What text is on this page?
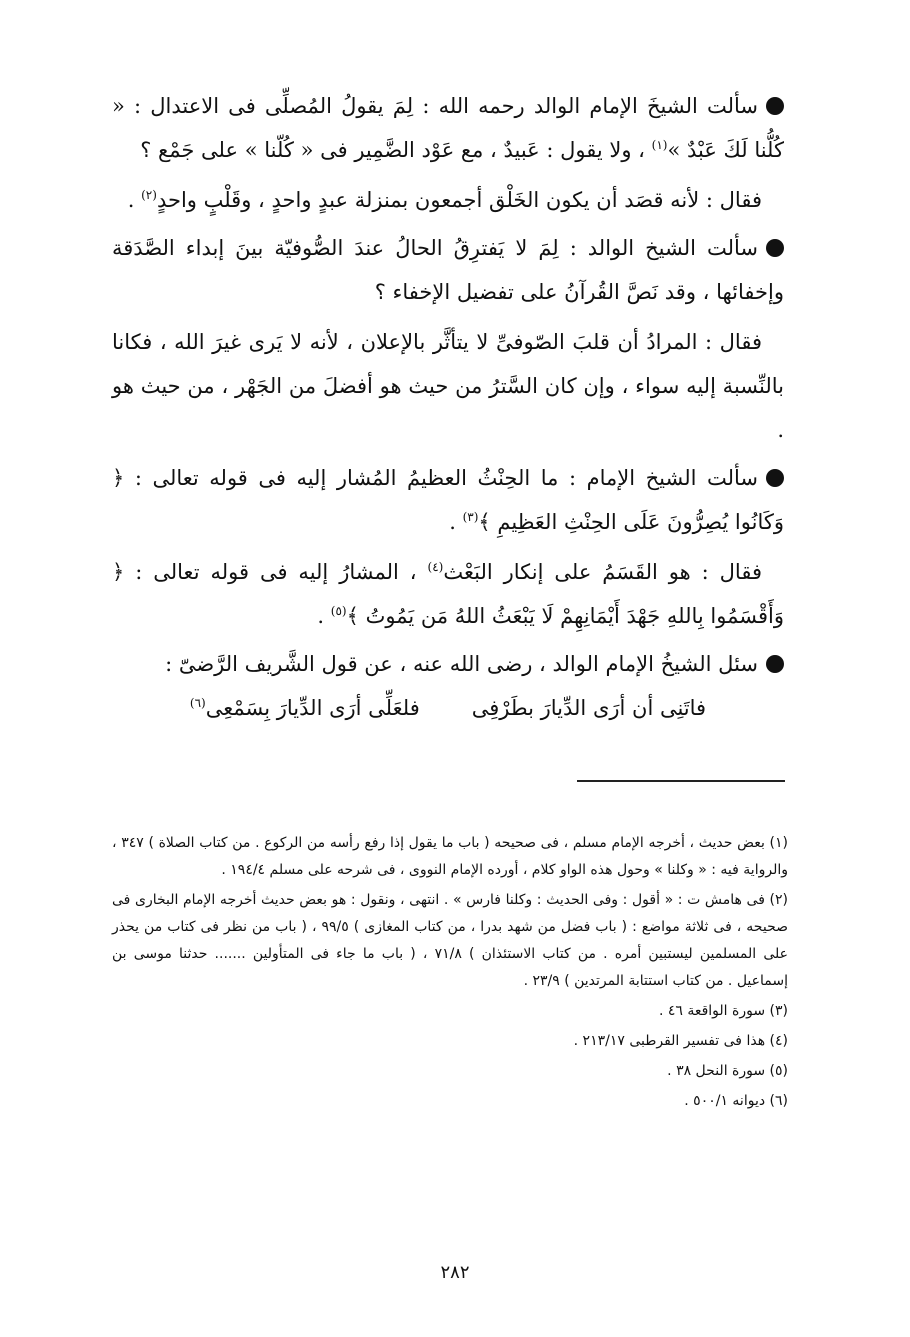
سألت الشيخَ الإمام الوالد رحمه الله : لِمَ يقولُ المُصلِّى فى الاعتدال : « كُلُّنا لَكَ عَبْدٌ »$^{(١)}$ ، ولا يقول : عَبيدٌ ، مع عَوْد الضَّمِير فى « كُلّنا » على جَمْع ؟

فقال : لأنه قصَد أن يكون الخَلْق أجمعون بمنزلة عبدٍ واحدٍ ، وقَلْبٍ واحدٍ$^{(٢)}$ .

سألت الشيخ الوالد : لِمَ لا يَفترِقُ الحالُ عندَ الصُّوفيّة بينَ إبداء الصَّدَقة وإخفائها ، وقد نَصَّ القُرآنُ على تفضيل الإخفاء ؟

فقال : المرادُ أن قلبَ الصّوفىِّ لا يتأثَّر بالإعلان ، لأنه لا يَرى غيرَ الله ، فكانا بالنِّسبة إليه سواء ، وإن كان السَّترُ من حيث هو أفضلَ من الجَهْر ، من حيث هو .

سألت الشيخ الإمام : ما الحِنْثُ العظيمُ المُشار إليه فى قوله تعالى : ﴿ وَكَانُوا يُصِرُّونَ عَلَى الحِنْثِ العَظِيمِ ﴾$^{(٣)}$ .

فقال : هو القَسَمُ على إنكار البَعْث$^{(٤)}$ ، المشارُ إليه فى قوله تعالى : ﴿ وَأَقْسَمُوا بِاللهِ جَهْدَ أَيْمَانِهِمْ لَا يَبْعَثُ اللهُ مَن يَمُوتُ ﴾$^{(٥)}$ .

سئل الشيخُ الإمام الوالد ، رضى الله عنه ، عن قول الشَّريف الرَّضىّ :

فاتَنِى أن أرَى الدِّيارَ بطَرْفِى
فلعَلِّى أرَى الدِّيارَ بِسَمْعِى$^{(٦)}$

(١) بعض حديث ، أخرجه الإمام مسلم ، فى صحيحه ( باب ما يقول إذا رفع رأسه من الركوع . من كتاب الصلاة ) ٣٤٧ ، والرواية فيه : « وكلنا » وحول هذه الواو كلام ، أورده الإمام النووى ، فى شرحه على مسلم ١٩٤/٤ .

(٢) فى هامش ت : « أقول : وفى الحديث : وكلنا فارس » . انتهى ، ونقول : هو بعض حديث أخرجه الإمام البخارى فى صحيحه ، فى ثلاثة مواضع : ( باب فضل من شهد بدرا ، من كتاب المغازى ) ٩٩/٥ ، ( باب من نظر فى كتاب من يحذر على المسلمين ليستبين أمره . من كتاب الاستئذان ) ٧١/٨ ، ( باب ما جاء فى المتأولين ....... حدثنا موسى بن إسماعيل . من كتاب استتابة المرتدين ) ٢٣/٩ .

(٣) سورة الواقعة ٤٦ .

(٤) هذا فى تفسير القرطبى ٢١٣/١٧ .

(٥) سورة النحل ٣٨ .

(٦) ديوانه ٥٠٠/١ .

٢٨٢
